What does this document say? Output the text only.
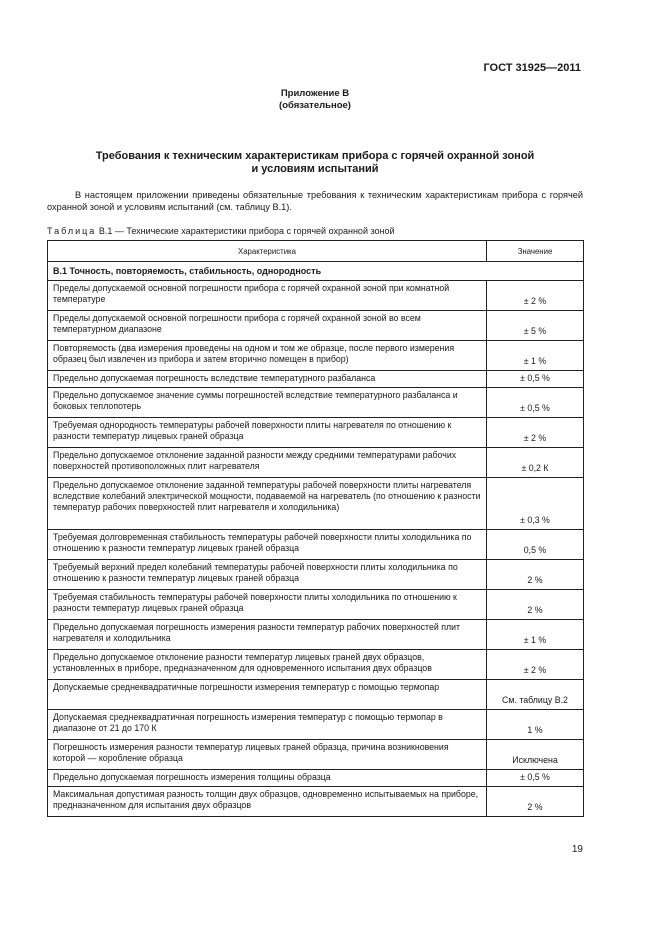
ГОСТ 31925—2011
Приложение В
(обязательное)
Требования к техническим характеристикам прибора с горячей охранной зоной
и условиям испытаний
В настоящем приложении приведены обязательные требования к техническим характеристикам прибора с горячей охранной зоной и условиям испытаний (см. таблицу В.1).
Таблица В.1 — Технические характеристики прибора с горячей охранной зоной
Характеристика	Значение
В.1 Точность, повторяемость, стабильность, однородность	
Пределы допускаемой основной погрешности прибора с горячей охранной зоной при комнатной температуре	± 2 %
Пределы допускаемой основной погрешности прибора с горячей охранной зоной во всем температурном диапазоне	± 5 %
Повторяемость (два измерения проведены на одном и том же образце, после первого измерения образец был извлечен из прибора и затем вторично помещен в прибор)	± 1 %
Предельно допускаемая погрешность вследствие температурного разбаланса	± 0,5 %
Предельно допускаемое значение суммы погрешностей вследствие температурного разбаланса и боковых теплопотерь	± 0,5 %
Требуемая однородность температуры рабочей поверхности плиты нагревателя по отношению к разности температур лицевых граней образца	± 2 %
Предельно допускаемое отклонение заданной разности между средними температурами рабочих поверхностей противоположных плит нагревателя	± 0,2 К
Предельно допускаемое отклонение заданной температуры рабочей поверхности плиты нагревателя вследствие колебаний электрической мощности, подаваемой на нагреватель (по отношению к разности температур рабочих поверхностей плит нагревателя и холодильника)	± 0,3 %
Требуемая долговременная стабильность температуры рабочей поверхности плиты холодильника по отношению к разности температур лицевых граней образца	0,5 %
Требуемый верхний предел колебаний температуры рабочей поверхности плиты холодильника по отношению к разности температур лицевых граней образца	2 %
Требуемая стабильность температуры рабочей поверхности плиты холодильника по отношению к разности температур лицевых граней образца	2 %
Предельно допускаемая погрешность измерения разности температур рабочих поверхностей плит нагревателя и холодильника	± 1 %
Предельно допускаемое отклонение разности температур лицевых граней двух образцов, установленных в приборе, предназначенном для одновременного испытания двух образцов	± 2 %
Допускаемые среднеквадратичные погрешности измерения температур с помощью термопар	См. таблицу В.2
Допускаемая среднеквадратичная погрешность измерения температур с помощью термопар в диапазоне от 21 до 170 К	1 %
Погрешность измерения разности температур лицевых граней образца, причина возникновения которой — коробление образца	Исключена
Предельно допускаемая погрешность измерения толщины образца	± 0,5 %
Максимальная допустимая разность толщин двух образцов, одновременно испытываемых на приборе, предназначенном для испытания двух образцов	2 %
19
